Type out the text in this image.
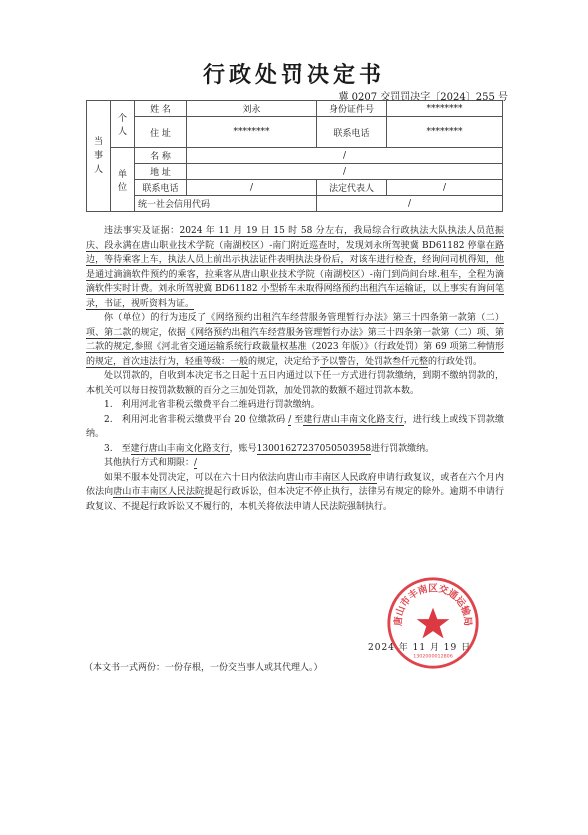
行政处罚决定书
冀 0207 交罚罚决字〔2024〕255 号
当事人	个人	姓 名	刘永	身份证件号	********
		住 址	********	联系电话	********
	单位	名 称	/		
		地 址	/		
		联系电话	/	法定代表人	/
		统一社会信用代码		/	

违法事实及证据：2024 年 11 月 19 日 15 时 58 分左右，我局综合行政执法大队执法人员范振庆、段永满在唐山职业技术学院（南湖校区）-南门附近巡查时，发现刘永所驾驶冀 BD61182 停靠在路边，等待乘客上车，执法人员上前出示执法证件表明执法身份后，对该车进行检查，经询问司机得知，他是通过滴滴软件预约的乘客，拉乘客从唐山职业技术学院（南湖校区）-南门到尚间台球.租车，全程为滴滴软件实时计费。刘永所驾驶冀 BD61182 小型轿车未取得网络预约出租汽车运输证，以上事实有询问笔录，书证，视听资料为证。

你（单位）的行为违反了《网络预约出租汽车经营服务管理暂行办法》第三十四条第一款第（二）项、第二款的规定，依据《网络预约出租汽车经营服务管理暂行办法》第三十四条第一款第（二）项、第二款的规定,参照《河北省交通运输系统行政裁量权基准（2023 年版）》（行政处罚）第 69 项第二种情形的规定，首次违法行为，轻重等级：一般的规定，决定给予予以警告，处罚款叁仟元整的行政处罚。

处以罚款的，自收到本决定书之日起十五日内通过以下任一方式进行罚款缴纳，到期不缴纳罚款的，本机关可以每日按罚款数额的百分之三加处罚款，加处罚款的数额不超过罚款本数。

1.　利用河北省非税云缴费平台二维码进行罚款缴纳。

2.　利用河北省非税云缴费平台 20 位缴款码 / 至建行唐山丰南文化路支行，进行线上或线下罚款缴纳。

3.　至建行唐山丰南文化路支行，账号13001627237050503958进行罚款缴纳。

其他执行方式和期限：/

如果不服本处罚决定，可以在六十日内依法向唐山市丰南区人民政府申请行政复议，或者在六个月内依法向唐山市丰南区人民法院提起行政诉讼，但本决定不停止执行，法律另有规定的除外。逾期不申请行政复议、不提起行政诉讼又不履行的，本机关将依法申请人民法院强制执行。

2024 年 11 月 19 日
唐山市丰南区交通运输局
1302000012806
（本文书一式两份：一份存根，一份交当事人或其代理人。）
